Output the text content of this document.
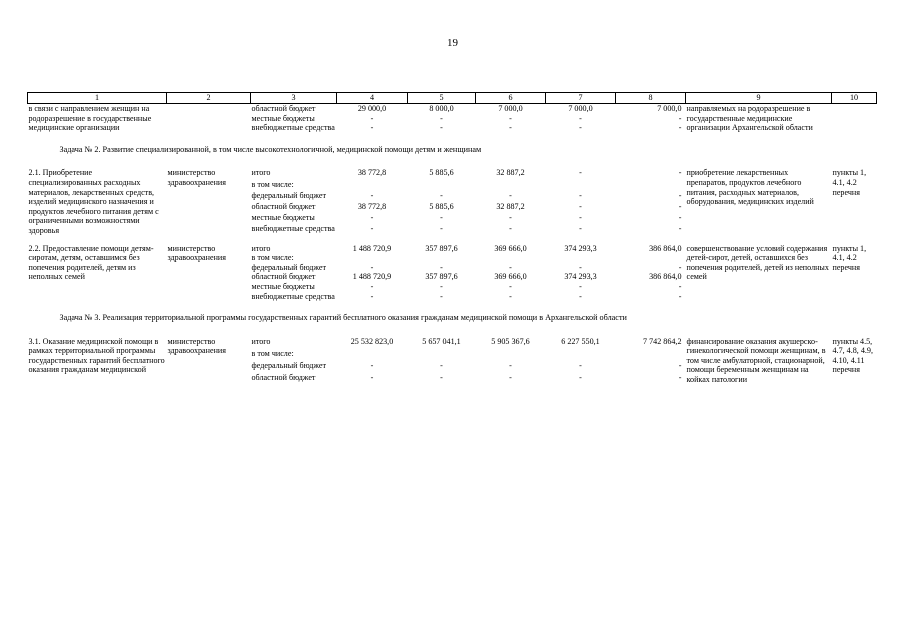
19
1	2	3	4	5	6	7	8	9	10
в связи с направлением женщин на родоразрешение в государственные медицинские организации		областной бюджет	29 000,0	8 000,0	7 000,0	7 000,0	7 000,0	направляемых на родоразрешение в государственные медицинские организации Архангельской области	
		местные бюджеты	-	-	-	-	-		
		внебюджетные средства	-	-	-	-	-		
Задача № 2. Развитие специализированной, в том числе высокотехнологичной, медицинской помощи детям и женщинам									
2.1. Приобретение специализированных расходных материалов, лекарственных средств, изделий медицинского назначения и продуктов лечебного питания детям с ограниченными возможностями здоровья	министерство здравоохранения	итого	38 772,8	5 885,6	32 887,2	-	-	приобретение лекарственных препаратов, продуктов лечебного питания, расходных материалов, оборудования, медицинских изделий	пункты 1, 4.1, 4.2 перечня
		в том числе:							
		федеральный бюджет	-	-	-	-	-		
		областной бюджет	38 772,8	5 885,6	32 887,2	-	-		
		местные бюджеты	-	-	-	-	-		
		внебюджетные средства	-	-	-	-	-		

2.2. Предоставление помощи детям-сиротам, детям, оставшимся без попечения родителей, детям из неполных семей	министерство здравоохранения	итого	1 488 720,9	357 897,6	369 666,0	374 293,3	386 864,0	совершенствование условий содержания детей-сирот, детей, оставшихся без попечения родителей, детей из неполных семей	пункты 1, 4.1, 4.2 перечня
		в том числе:							
		федеральный бюджет	-	-	-	-	-		
		областной бюджет	1 488 720,9	357 897,6	369 666,0	374 293,3	386 864,0		
		местные бюджеты	-	-	-	-	-		
		внебюджетные средства	-	-	-	-	-		
Задача № 3. Реализация территориальной программы государственных гарантий бесплатного оказания гражданам медицинской помощи в Архангельской области									
3.1. Оказание медицинской помощи в рамках территориальной программы государственных гарантий бесплатного оказания гражданам медицинской	министерство здравоохранения	итого	25 532 823,0	5 657 041,1	5 905 367,6	6 227 550,1	7 742 864,2	финансирование оказания акушерско-гинекологической помощи женщинам, в том числе амбулаторной, стационарной, помощи беременным женщинам на койках патологии	пункты 4.5, 4.7, 4.8, 4.9, 4.10, 4.11 перечня
		в том числе:							
		федеральный бюджет	-	-	-	-	-		
		областной бюджет	-	-	-	-	-		
